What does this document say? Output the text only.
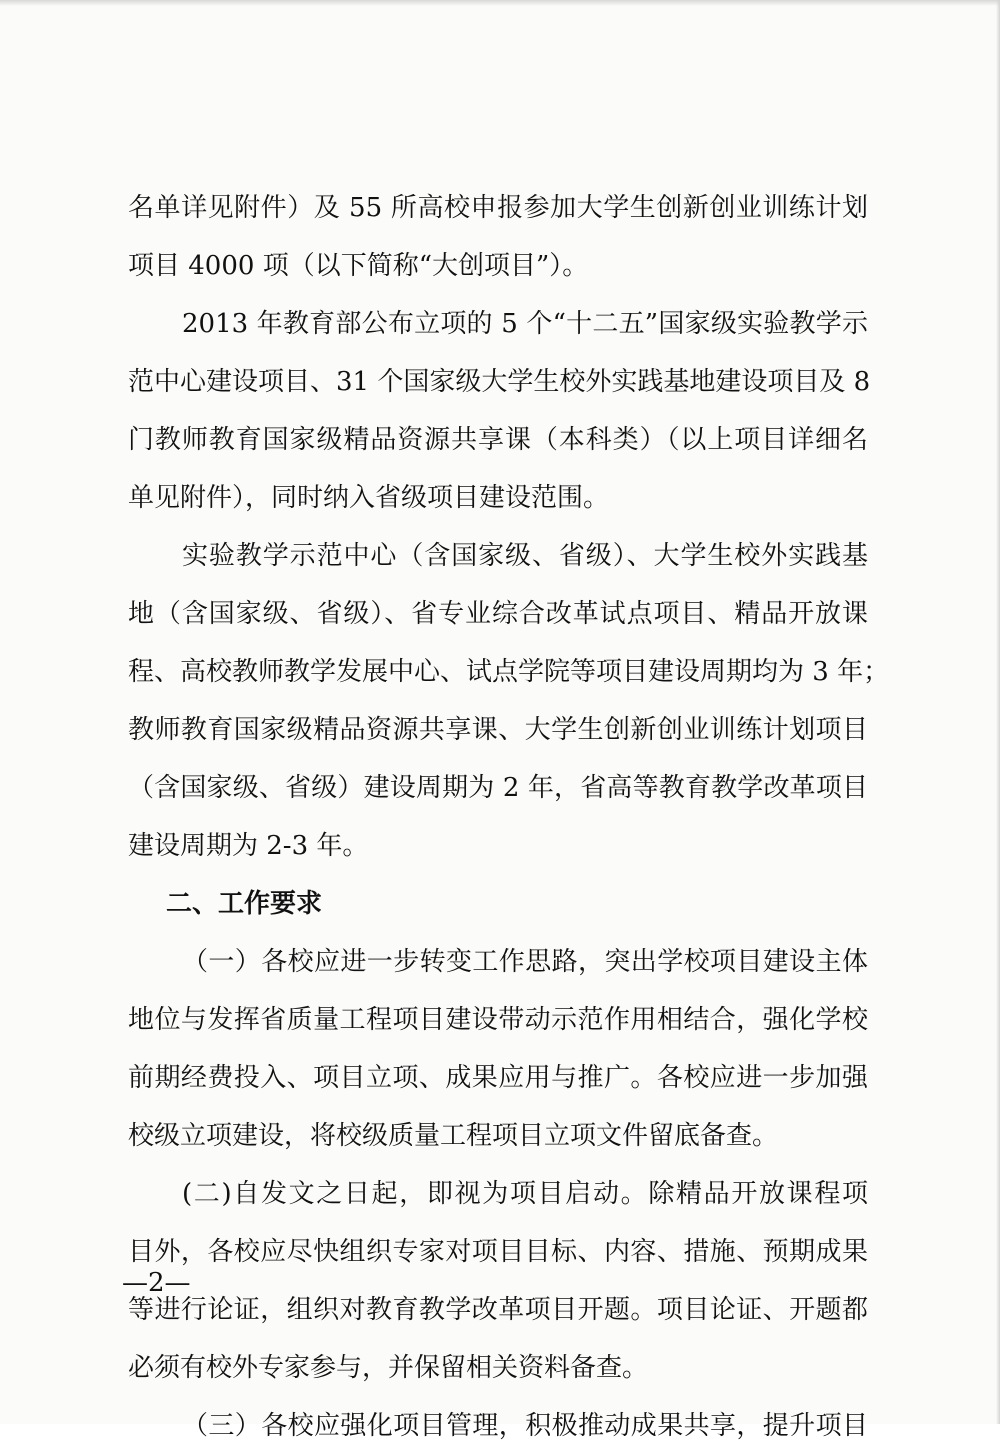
名单详见附件）及 55 所高校申报参加大学生创新创业训练计划
项目 4000 项（以下简称“大创项目”）。
2013 年教育部公布立项的 5 个“十二五”国家级实验教学示
范中心建设项目、31 个国家级大学生校外实践基地建设项目及 8
门教师教育国家级精品资源共享课（本科类）（以上项目详细名
单见附件），同时纳入省级项目建设范围。
实验教学示范中心（含国家级、省级）、大学生校外实践基
地（含国家级、省级）、省专业综合改革试点项目、精品开放课
程、高校教师教学发展中心、试点学院等项目建设周期均为 3 年；
教师教育国家级精品资源共享课、大学生创新创业训练计划项目
（含国家级、省级）建设周期为 2 年，省高等教育教学改革项目
建设周期为 2-3 年。
二、工作要求
（一）各校应进一步转变工作思路，突出学校项目建设主体
地位与发挥省质量工程项目建设带动示范作用相结合，强化学校
前期经费投入、项目立项、成果应用与推广。各校应进一步加强
校级立项建设，将校级质量工程项目立项文件留底备查。
(二)自发文之日起，即视为项目启动。除精品开放课程项
目外，各校应尽快组织专家对项目目标、内容、措施、预期成果
等进行论证，组织对教育教学改革项目开题。项目论证、开题都
必须有校外专家参与，并保留相关资料备查。
（三）各校应强化项目管理，积极推动成果共享，提升项目
—2—
